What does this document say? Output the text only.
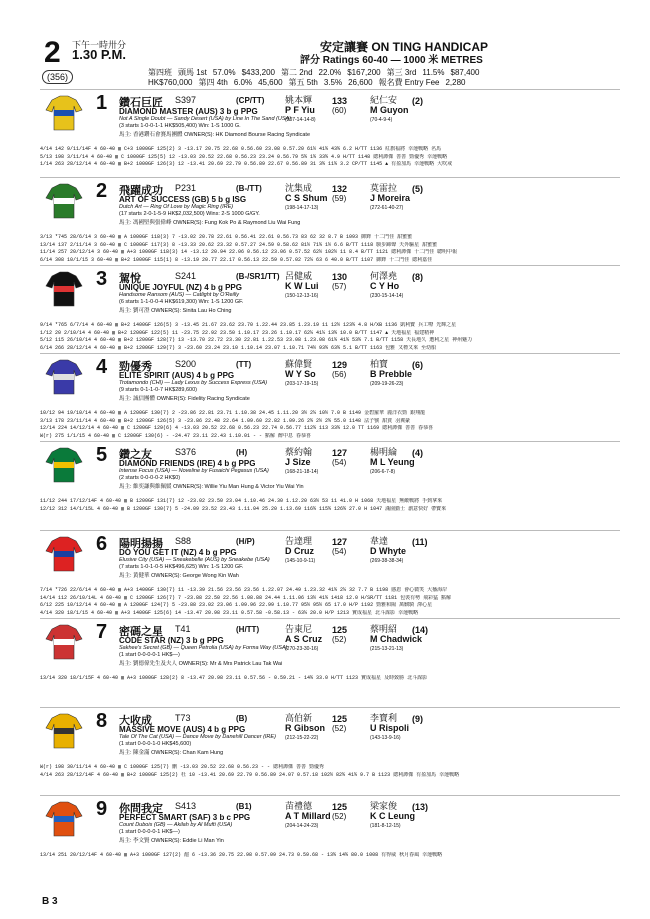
2 下午一時卅分
1.30 P.M.
(356)
安定讓賽 ON TING HANDICAP
評分 Ratings 60-40 — 1000 米 METRES
第四班 頭馬 1st 57.0% $433,200 第二 2nd 22.0% $167,200 第三 3rd 11.5% $87,400
HK$760,000 第四 4th 6.0% 45,600 第五 5th 3.5% 26,600 報名費 Entry Fee 2,280
1 鑽石巨匠 S397
DIAMOND MASTER (AUS) 3 b g PPG
Not A Single Doubt — Sandy Desert (USA) by Line In The Sand (USA)
(3 starts 1-0-0-1-1 HK$505,400) Win: 1-S 1000 G.
馬主: 香港鑽石會賽馬團體 OWNER(S): HK Diamond Bourse Racing Syndicate
(CP/TT) 姚本輝
P F Yiu
(207-14-14-8)
133
(60)
紀仁安
M Guyon
(70-4-9-4)
(2)
4/14 142 9/11/14F 4 60-40 ▥ C+3 1000GF 125(2) 3 -13.17 20.75 22.68 0.56.60 23.08 0.57.20 61½ 41¾ 43¾ 6.2 H/TT 1136 紅旗福將 幸運戰略 名馬
5/13 198 3/11/14 4 60-40 ▥ C 1000GF 125(5) 12 -13.03 20.52 22.68 0.56.23 23.24 0.56.79 5¾ 1¾ 33¾ 4.9 H/TT 1148 總利譚傑 善善 勁優秀 幸運戰略
1/14 263 28/12/14 4 60-40 ▥ B+2 1000GF 126(3) 12 -13.41 20.69 22.79 0.56.89 22.67 0.56.89 31 3¾ 11¾ 3.2 CP/TT 1145 ▲ 有盈加馬 幸運戰略 大吹戒
2 飛躍成功 P231
ART OF SUCCESS (GB) 5 b g ISG
Dutch Art — Ring Of Love by Magic Ring (IRE)
(17 starts 2-0-1-5-9 HK$2,032,500) Wins: 2-S 1000 G/GY.
馬主: 馮國堅與張偉峰 OWNER(S): Fung Kok Po & Raymond Liu Wai Fung
(B-/TT)	沈集成
C S Shum
(198-14-17-13)
132
(59)
莫雷拉
J Moreira
(272-61-40-27)
(5)
3/13 *745 28/6/14 3 60-40 ▥ A 1000GF 118(3) 7 -13.02 20.78 22.61 0.56.41 22.61 0.56.73 83 62 32 8.7 B 1093 御鐸 十二門佳 甜蜜蜜
13/14 137 2/11/14 3 60-40 ▥ C 1000GF 117(3) 8 -13.33 20.62 23.32 0.57.27 24.59 0.58.62 81½ 71¾ 1½ 6.6 B/TT 1118 駿步蹄聲 天外驅星 甜蜜蜜
11/14 257 20/12/14 3 60-40 ▥ A+3 1000GF 118(3) 14 -13.12 20.94 22.06 0.56.12 23.06 0.57.52 62½ 102½ 11 8.4 B/TT 1121 總利譚傑 十二門佳 聰明中報
6/14 308 10/1/15 3 60-40 ▥ B+2 1000GF 115(1) 8 -13.19 20.77 22.17 0.56.13 22.59 0.57.02 72¼ 63 6 40.0 B/TT 1107 御鐸 十二門佳 總利嘉佳
3 駕悅	S241
UNIQUE JOYFUL (NZ) 4 b g PPG
Handsome Ransom (AUS) — Catlight by O'Reilly
(6 starts 1-1-0-0-4 HK$619,300) Win: 1-S 1200 GF.
馬主: 劉可澄 OWNER(S): Sinita Lau Ho Ching
(B-/SR1/TT) 呂健威
K W Lui
(150-12-13-16)
130
(57)
何澤堯
C Y Ho
(230-15-14-14)
(8)
9/14 *765 6/7/14 4 60-40 ▥ B+2 1400GF 126(5) 3 -13.45 21.67 23.62 23.70 1.22.44 23.85 1.23.19 11 12½ 123¾ 4.8 H/XB 1136 凱利寶 兵工嘹 光輝之星
1/12 20 2/10/14 4 60-40 ▥ B+2 1200GF 122(5) 11 -23.75 22.92 23.50 1.10.17 23.26 1.10.17 62¼ 41¼ 13¾ 10.0 B/TT 1147 ▲ 天地福星 福建精神
5/12 115 26/10/14 4 60-40 ▥ B+2 1200GF 128(7) 13 -13.70 22.72 23.30 22.81 1.22.53 23.08 1.23.08 61¾ 41¾ 53¾ 7.1 B/TT 1158 天長地久 遭利之星 神州魅力
6/14 266 28/12/14 4 60-40 ▥ B+2 1200GF 129(7) 3 -23.60 23.24 23.10 1.10.14 23.07 1.10.71 74½ 93¾ 63¾ 5.1 B/TT 1163 包雅 又標又來 至幼船
4 勁優秀	S200
ELITE SPIRIT (AUS) 4 b g PPG
Trotamondo (CHI) — Lady Lexus by Success Express (USA)
(9 starts 0-1-1-0-7 HK$289,600)
馬主: 誠信團體 OWNER(S): Fidelity Racing Syndicate
(TT)	蘇偉賢
W Y So
(203-17-19-15)
129
(56)
柏寶
B Prebble
(209-19-26-23)
(6)
10/12 94 19/10/14 4 60-40 ▥ A 1200GF 130(7) 2 -23.86 22.81 23.71 1.10.38 24.45 1.11.20 3½ 2¼ 10½ 7.0 B 1149 金碧羅華 麗洋衣勁 銀翔龍
3/13 178 23/11/14 4 60-40 ▥ B+2 1200GF 126(5) 3 -23.86 22.48 22.64 1.09.60 22.82 1.09.26 2¾ 2½ 2¾ 55.0 1148 法子號 甜賈 羽翼豪
12/14 224 14/12/14 4 60-40 ▥ C 1200GF 129(6) 4 -13.03 20.52 22.68 0.56.23 22.74 0.56.77 112¾ 113 33¾ 12.0 TT 1169 總利譚傑 善善 春恭喜
W(r) 275 1/1/15 4 60-40 ▥ C 1200GF 130(6) - -24.47 23.11 22.43 1.10.01 - - 點解 醉中息 春恭喜
5 鑽之友	S376
DIAMOND FRIENDS (IRE) 4 b g PPG
Intense Focus (USA) — Noveline by Fusaichi Pegasus (USA)
(2 starts 0-0-0-0-2 HK$0)
馬主: 維奕謙與維佩媛 OWNER(S): Willie Yiu Man Hung & Victor Yiu Wai Yin
(H)	蔡約翰
J Size
(168-21-18-14)
127
(54)
楊明綸
M L Yeung
(206-6-7-8)
(4)
11/12 244 17/12/14F 4 60-40 ▥ B 1200GF 131(7) 12 -23.02 23.50 23.04 1.10.46 24.30 1.12.20 63½ 53 11 41.0 H 1068 天地福星 無敵戰將 手到拿來
12/12 312 14/1/15L 4 60-40 ▥ B 1200GF 130(7) 5 -24.09 23.52 23.43 1.11.04 25.20 1.13.69 116¾ 115¾ 126¾ 27.0 H 1047 滿園勤士 創意快好 帶寶來
6 陽明揚揚 S88
DO YOU GET IT (NZ) 4 b g PPG
Elusive City (USA) — Sneakebelle (AUS) by Sneakebe (USA)
(7 starts 1-0-1-0-5 HK$496,625) Win: 1-S 1200 GF.
馬主: 黃健華 OWNER(S): George Wong Kin Wah
(H/P)	告達理
D Cruz
(145-10-9-11)
127
(54)
韋達
D Whyte
(269-38-38-34)
(11)
7/14 *726 22/6/14 4 60-40 ▥ A+3 1400GF 130(7) 11 -13.39 21.56 23.56 23.56 1.22.07 24.49 1.23.32 41¾ 2¼ 32 7.7 B 1198 感恩 會心微笑 大播海岸
14/14 112 26/10/14L 4 60-40 ▥ C 1200GF 126(7) 7 -23.88 22.50 22.56 1.08.88 24.44 1.11.06 13½ 41¾ 1418 12.0 H/SR/TT 1181 包裝有勢 飛彩猛 點解
6/12 225 10/12/14 4 60-40 ▥ A 1200GF 124(7) 5 -23.88 23.02 23.06 1.09.96 22.99 1.10.77 95½ 95½ 65 17.0 H/P 1192 勁雅和陽 萬麒騎 澤心星
4/14 320 18/1/15 4 60-40 ▥ A+3 1400GF 125(6) 14 -13.47 20.98 23.11 0.57.58 -0.58.13 - 63¼ 20.0 H/P 1213 實成福星 北斗謀影 幸運戰略
7 密碼之星 T41
CODE STAR (NZ) 3 b g PPG
Sakhee's Secret (GB) — Queen Petrolia (USA) by Forma Way (USA)
(1 start 0-0-0-0-1 HK$—)
馬主: 劉德偉先生及夫人 OWNER(S): Mr & Mrs Patrick Lau Tak Wai
(H/TT)	告東尼
A S Cruz
(270-23-30-16)
125
(52)
蔡明紹
M Chadwick
(215-13-21-13)
(14)
13/14 320 18/1/15F 4 60-40 ▥ A+3 1000GF 128(2) 8 -13.47 20.98 23.11 0.57.56 - 0.59.21 - 14¾ 33.0 H/TT 1123 實成福星 及時致勝 北斗謀影
8 大收成	T73
MASSIVE MOVE (AUS) 4 b g PPG
Tale Of The Cat (USA) — Dance Move by Danehill Dancer (IRE)
(1 start 0-0-0-1-0 HK$45,600)
馬主: 陳金滿 OWNER(S): Chan Kam Hung
(B)	高伯新
R Gibson
(212-15-22-22)
125
(52)
李寶利
U Rispoli
(143-13-9-16)
(9)
W(r) 198 30/11/14 4 60-40 ▥ C 1000GF 125(7) 刪 -13.03 20.52 22.68 0.56.23 - - 總利譚傑 善善 勁優秀
4/14 263 28/12/14F 4 60-40 ▥ B+2 1000GF 125(2) 杜 10 -13.41 20.69 22.79 0.56.89 24.07 0.57.18 102½ 82¾ 41¾ 9.7 B 1123 總利譚傑 有盈加馬 幸運戰略
9 你問我定 S413
PERFECT SMART (SAF) 3 b c PPG
Count Dubois (GB) — Akilah by Al Mufti (USA)
(1 start 0-0-0-0-1 HK$—)
馬主: 李文賢 OWNER(S): Eddie Li Man Yin
(B1)	苗禮德
A T Millard
(204-14-24-23)
125
(52)
梁家俊
K C Leung
(181-8-12-15)
(13)
13/14 251 20/12/14F 4 60-40 ▥ A+3 1000GF 127(2) 滬 6 -13.36 20.75 22.98 0.57.09 24.73 0.59.68 - 13¾ 14¾ 80.0 1008 有得威 秋月春風 幸運戰略
B 3
